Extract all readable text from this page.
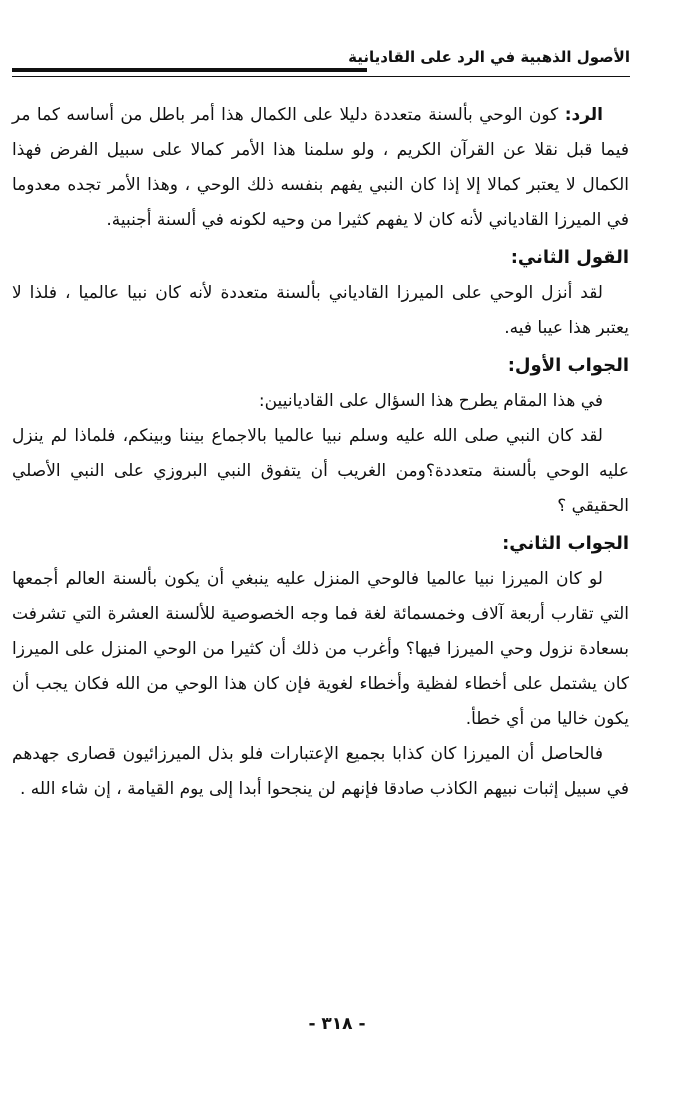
الأصول الذهبية في الرد على القاديانية

الرد: كون الوحي بألسنة متعددة دليلا على الكمال هذا أمر باطل من أساسه كما مر فيما قبل نقلا عن القرآن الكريم ، ولو سلمنا هذا الأمر كمالا على سبيل الفرض فهذا الكمال لا يعتبر كمالا إلا إذا كان النبي يفهم بنفسه ذلك الوحي ، وهذا الأمر تجده معدوما في الميرزا القادياني لأنه كان لا يفهم كثيرا من وحيه لكونه في ألسنة أجنبية.

القول الثاني:

لقد أنزل الوحي على الميرزا القادياني بألسنة متعددة لأنه كان نبيا عالميا ، فلذا لا يعتبر هذا عيبا فيه.

الجواب الأول:

في هذا المقام يطرح هذا السؤال على القاديانيين:

لقد كان النبي صلى الله عليه وسلم نبيا عالميا بالاجماع بيننا وبينكم، فلماذا لم ينزل عليه الوحي بألسنة متعددة؟ومن الغريب أن يتفوق النبي البروزي على النبي الأصلي الحقيقي ؟

الجواب الثاني:

لو كان الميرزا نبيا عالميا فالوحي المنزل عليه ينبغي أن يكون بألسنة العالم أجمعها التي تقارب أربعة آلاف وخمسمائة لغة فما وجه الخصوصية للألسنة العشرة التي تشرفت بسعادة نزول وحي الميرزا فيها؟ وأغرب من ذلك أن كثيرا من الوحي المنزل على الميرزا كان يشتمل على أخطاء لفظية وأخطاء لغوية فإن كان هذا الوحي من الله فكان يجب أن يكون خاليا من أي خطأ.

فالحاصل أن الميرزا كان كذابا بجميع الإعتبارات فلو بذل الميرزائيون قصارى جهدهم في سبيل إثبات نبيهم الكاذب صادقا فإنهم لن ينجحوا أبدا إلى يوم القيامة ، إن شاء الله .

- ٣١٨ -
